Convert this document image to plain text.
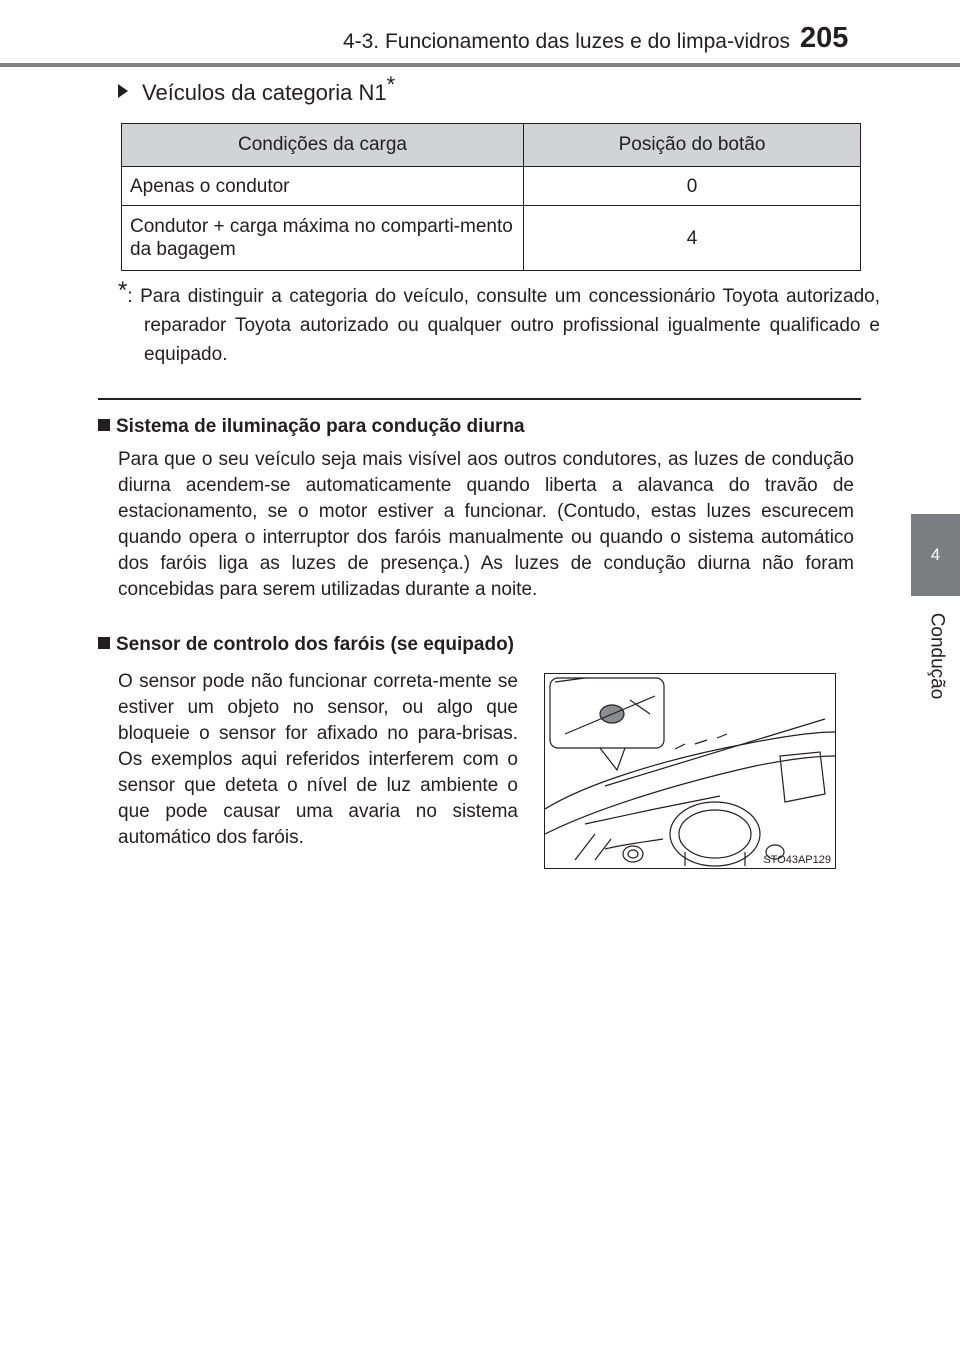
4-3. Funcionamento das luzes e do limpa-vidros 205
4
Condução
Veículos da categoria N1*
Condições da carga	Posição do botão
Apenas o condutor	0
Condutor + carga máxima no comparti-mento da bagagem	4
*: Para distinguir a categoria do veículo, consulte um concessionário Toyota autorizado, reparador Toyota autorizado ou qualquer outro profissional igualmente qualificado e equipado.
Sistema de iluminação para condução diurna
Para que o seu veículo seja mais visível aos outros condutores, as luzes de condução diurna acendem-se automaticamente quando liberta a alavanca do travão de estacionamento, se o motor estiver a funcionar. (Contudo, estas luzes escurecem quando opera o interruptor dos faróis manualmente ou quando o sistema automático dos faróis liga as luzes de presença.) As luzes de condução diurna não foram concebidas para serem utilizadas durante a noite.
Sensor de controlo dos faróis (se equipado)
O sensor pode não funcionar correta-mente se estiver um objeto no sensor, ou algo que bloqueie o sensor for afixado no para-brisas. Os exemplos aqui referidos interferem com o sensor que deteta o nível de luz ambiente o que pode causar uma avaria no sistema automático dos faróis.
STO43AP129
